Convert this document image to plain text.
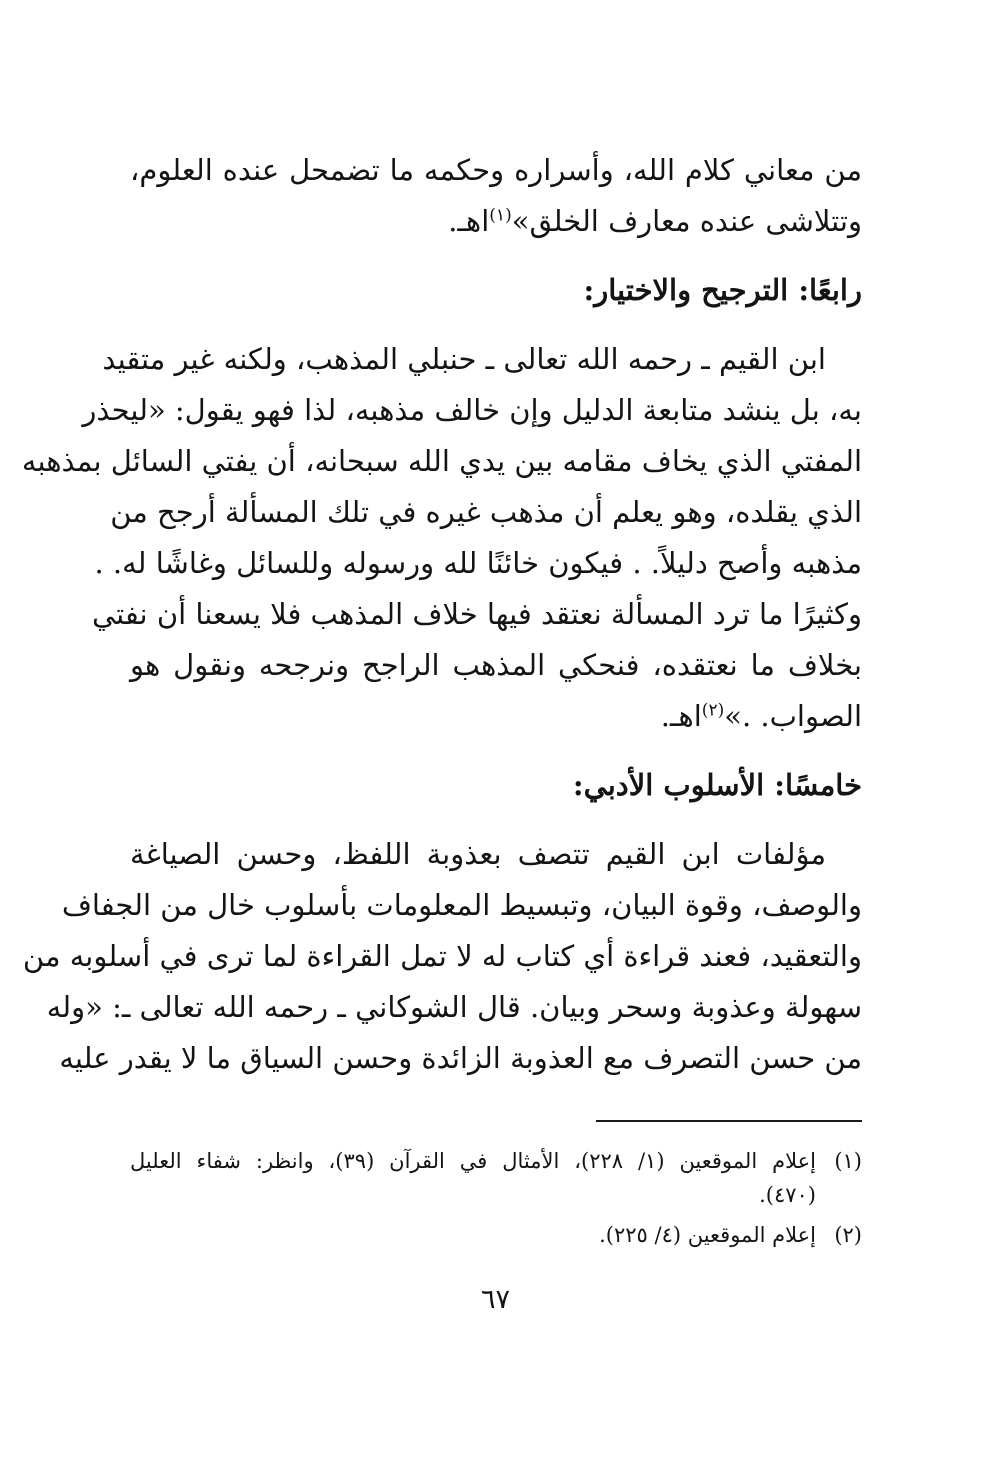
من معاني كلام الله، وأسراره وحكمه ما تضمحل عنده العلوم،
وتتلاشى عنده معارف الخلق»$^{(١)}$اهـ.
رابعًا: الترجيح والاختيار:
ابن القيم ـ رحمه الله تعالى ـ حنبلي المذهب، ولكنه غير متقيد
به، بل ينشد متابعة الدليل وإن خالف مذهبه، لذا فهو يقول: «ليحذر
المفتي الذي يخاف مقامه بين يدي الله سبحانه، أن يفتي السائل بمذهبه
الذي يقلده، وهو يعلم أن مذهب غيره في تلك المسألة أرجح من
مذهبه وأصح دليلاً. . فيكون خائنًا لله ورسوله وللسائل وغاشًا له. .
وكثيرًا ما ترد المسألة نعتقد فيها خلاف المذهب فلا يسعنا أن نفتي
بخلاف ما نعتقده، فنحكي المذهب الراجح ونرجحه ونقول هو
الصواب. .»$^{(٢)}$اهـ.
خامسًا: الأسلوب الأدبي:
مؤلفات ابن القيم تتصف بعذوبة اللفظ، وحسن الصياغة
والوصف، وقوة البيان، وتبسيط المعلومات بأسلوب خال من الجفاف
والتعقيد، فعند قراءة أي كتاب له لا تمل القراءة لما ترى في أسلوبه من
سهولة وعذوبة وسحر وبيان. قال الشوكاني ـ رحمه الله تعالى ـ: «وله
من حسن التصرف مع العذوبة الزائدة وحسن السياق ما لا يقدر عليه
(١)
إعلام الموقعين (١/ ٢٢٨)، الأمثال في القرآن (٣٩)، وانظر: شفاء العليل
(٤٧٠).
(٢)
إعلام الموقعين (٤/ ٢٢٥).
٦٧
